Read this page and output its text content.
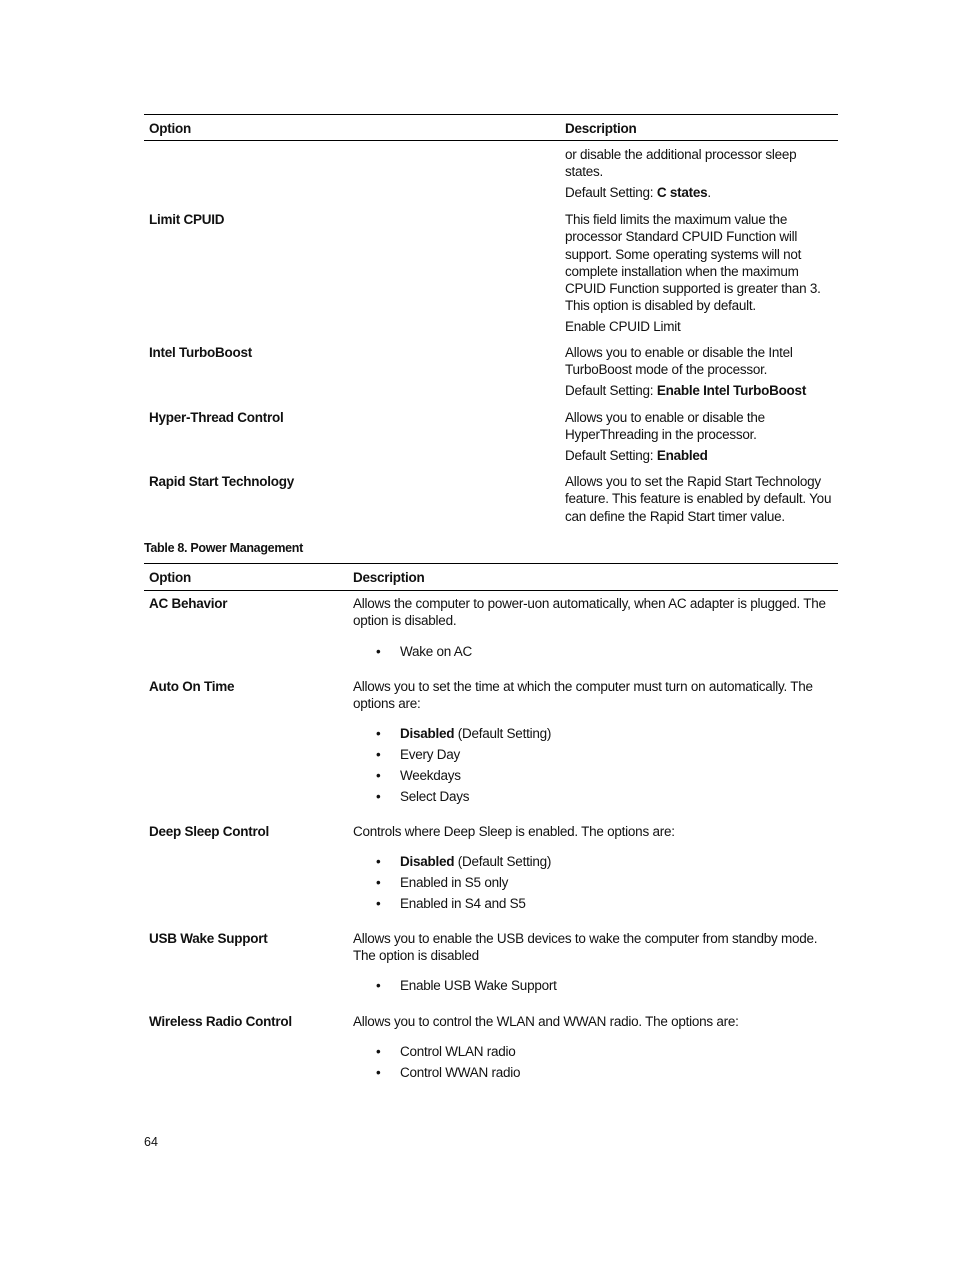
Option	Description
or disable the additional processor sleep
states.
Default Setting: C states.
Limit CPUID	This field limits the maximum value the
processor Standard CPUID Function will
support. Some operating systems will not
complete installation when the maximum
CPUID Function supported is greater than 3.
This option is disabled by default.
Enable CPUID Limit
Intel TurboBoost	Allows you to enable or disable the Intel
TurboBoost mode of the processor.
Default Setting: Enable Intel TurboBoost
Hyper-Thread Control	Allows you to enable or disable the
HyperThreading in the processor.
Default Setting: Enabled
Rapid Start Technology	Allows you to set the Rapid Start Technology
feature. This feature is enabled by default. You
can define the Rapid Start timer value.
Table 8. Power Management
Option	Description
AC Behavior	Allows the computer to power-uon automatically, when AC adapter is plugged. The
option is disabled.
• Wake on AC
Auto On Time	Allows you to set the time at which the computer must turn on automatically. The
options are:
• Disabled (Default Setting)
• Every Day
• Weekdays
• Select Days
Deep Sleep Control	Controls where Deep Sleep is enabled. The options are:
• Disabled (Default Setting)
• Enabled in S5 only
• Enabled in S4 and S5
USB Wake Support	Allows you to enable the USB devices to wake the computer from standby mode.
The option is disabled
• Enable USB Wake Support
Wireless Radio Control	Allows you to control the WLAN and WWAN radio. The options are:
• Control WLAN radio
• Control WWAN radio
64
